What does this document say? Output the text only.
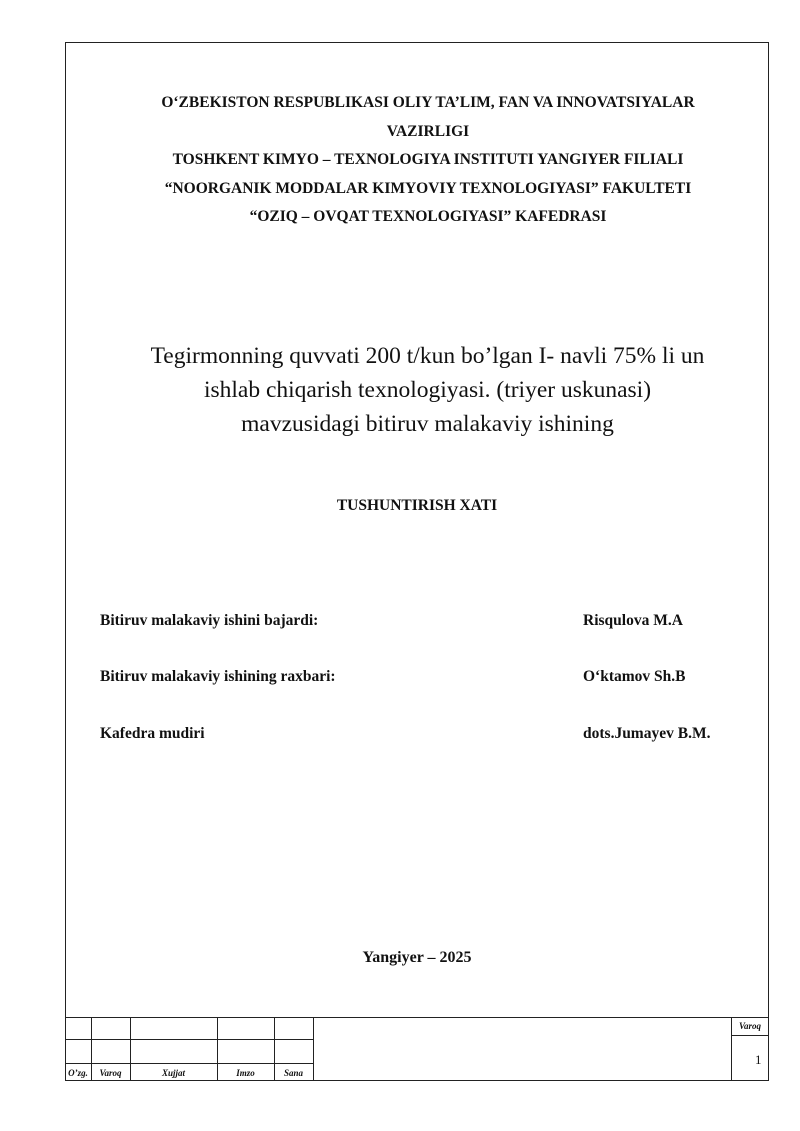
O‘ZBEKISTON RESPUBLIKASI OLIY TA’LIM, FAN VA INNOVATSIYALAR
VAZIRLIGI
TOSHKENT KIMYO – TEXNOLOGIYA INSTITUTI YANGIYER FILIALI
“NOORGANIK MODDALAR KIMYOVIY TEXNOLOGIYASI” FAKULTETI
“OZIQ – OVQAT TEXNOLOGIYASI” KAFEDRASI
Tegirmonning quvvati 200 t/kun bo’lgan I- navli 75% li un
ishlab chiqarish texnologiyasi. (triyer uskunasi)
mavzusidagi bitiruv malakaviy ishining
TUSHUNTIRISH XATI
Bitiruv malakaviy ishini bajardi:	Risqulova M.A
Bitiruv malakaviy ishining raxbari:	O‘ktamov Sh.B
Kafedra mudiri	dots.Jumayev B.M.
Yangiyer – 2025
O’zg.	Varoq	Xujjat	Imzo	Sana
Varoq
1
